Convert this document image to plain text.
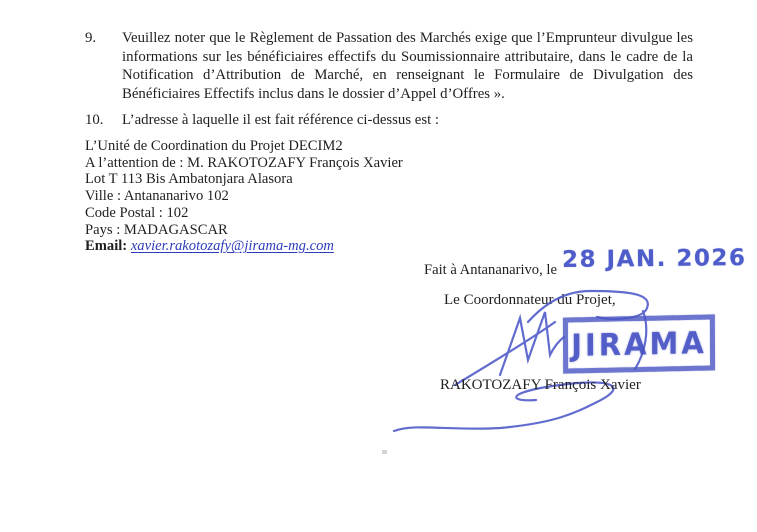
9.	Veuillez noter que le Règlement de Passation des Marchés exige que l’Emprunteur divulgue les informations sur les bénéficiaires effectifs du Soumissionnaire attributaire, dans le cadre de la Notification d’Attribution de Marché, en renseignant le Formulaire de Divulgation des Bénéficiaires Effectifs inclus dans le dossier d’Appel d’Offres ».
10.	L’adresse à laquelle il est fait référence ci-dessus est :
L’Unité de Coordination du Projet DECIM2
A l’attention de : M. RAKOTOZAFY François Xavier
Lot T 113 Bis Ambatonjara Alasora
Ville : Antananarivo 102
Code Postal : 102
Pays : MADAGASCAR
Email: xavier.rakotozafy@jirama-mg.com
Fait à Antananarivo, le 28 JAN. 2026
Le Coordonnateur du Projet,
JIRAMA
RAKOTOZAFY François Xavier
